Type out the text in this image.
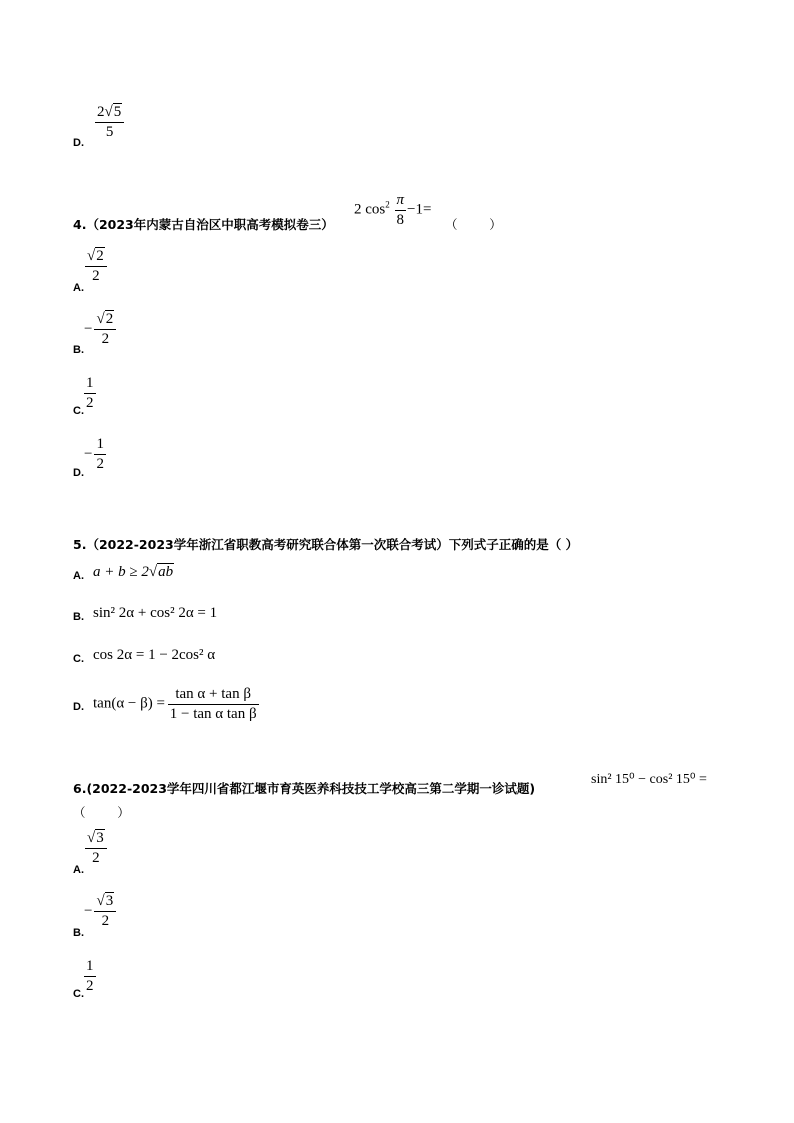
$\frac{2√5}{5}$
D.
4.（2023年内蒙古自治区中职高考模拟卷三）
2 $\cos^2 \frac{\pi}{8} -1=$
（        ）
$\frac{√2}{2}$
A.
− $\frac{√2}{2}$
B.
$\frac{1}{2}$
C.
− $\frac{1}{2}$
D.
5.（2022-2023学年浙江省职教高考研究联合体第一次联合考试）下列式子正确的是（ ）
A. a + b ≥ 2√ab
B. sin² 2α + cos² 2α = 1
C. cos 2α = 1 − 2cos² α
D. $\tan(\alpha - \beta) = \frac{\text{tan α + tan β}}{\text{1 − tan α tan β}}$
6.(2022-2023学年四川省都江堰市育英医养科技技工学校高三第二学期一诊试题)
sin² 15⁰ − cos² 15⁰ =
（        ）
$\frac{√3}{2}$
A.
− $\frac{√3}{2}$
B.
$\frac{1}{2}$
C.
